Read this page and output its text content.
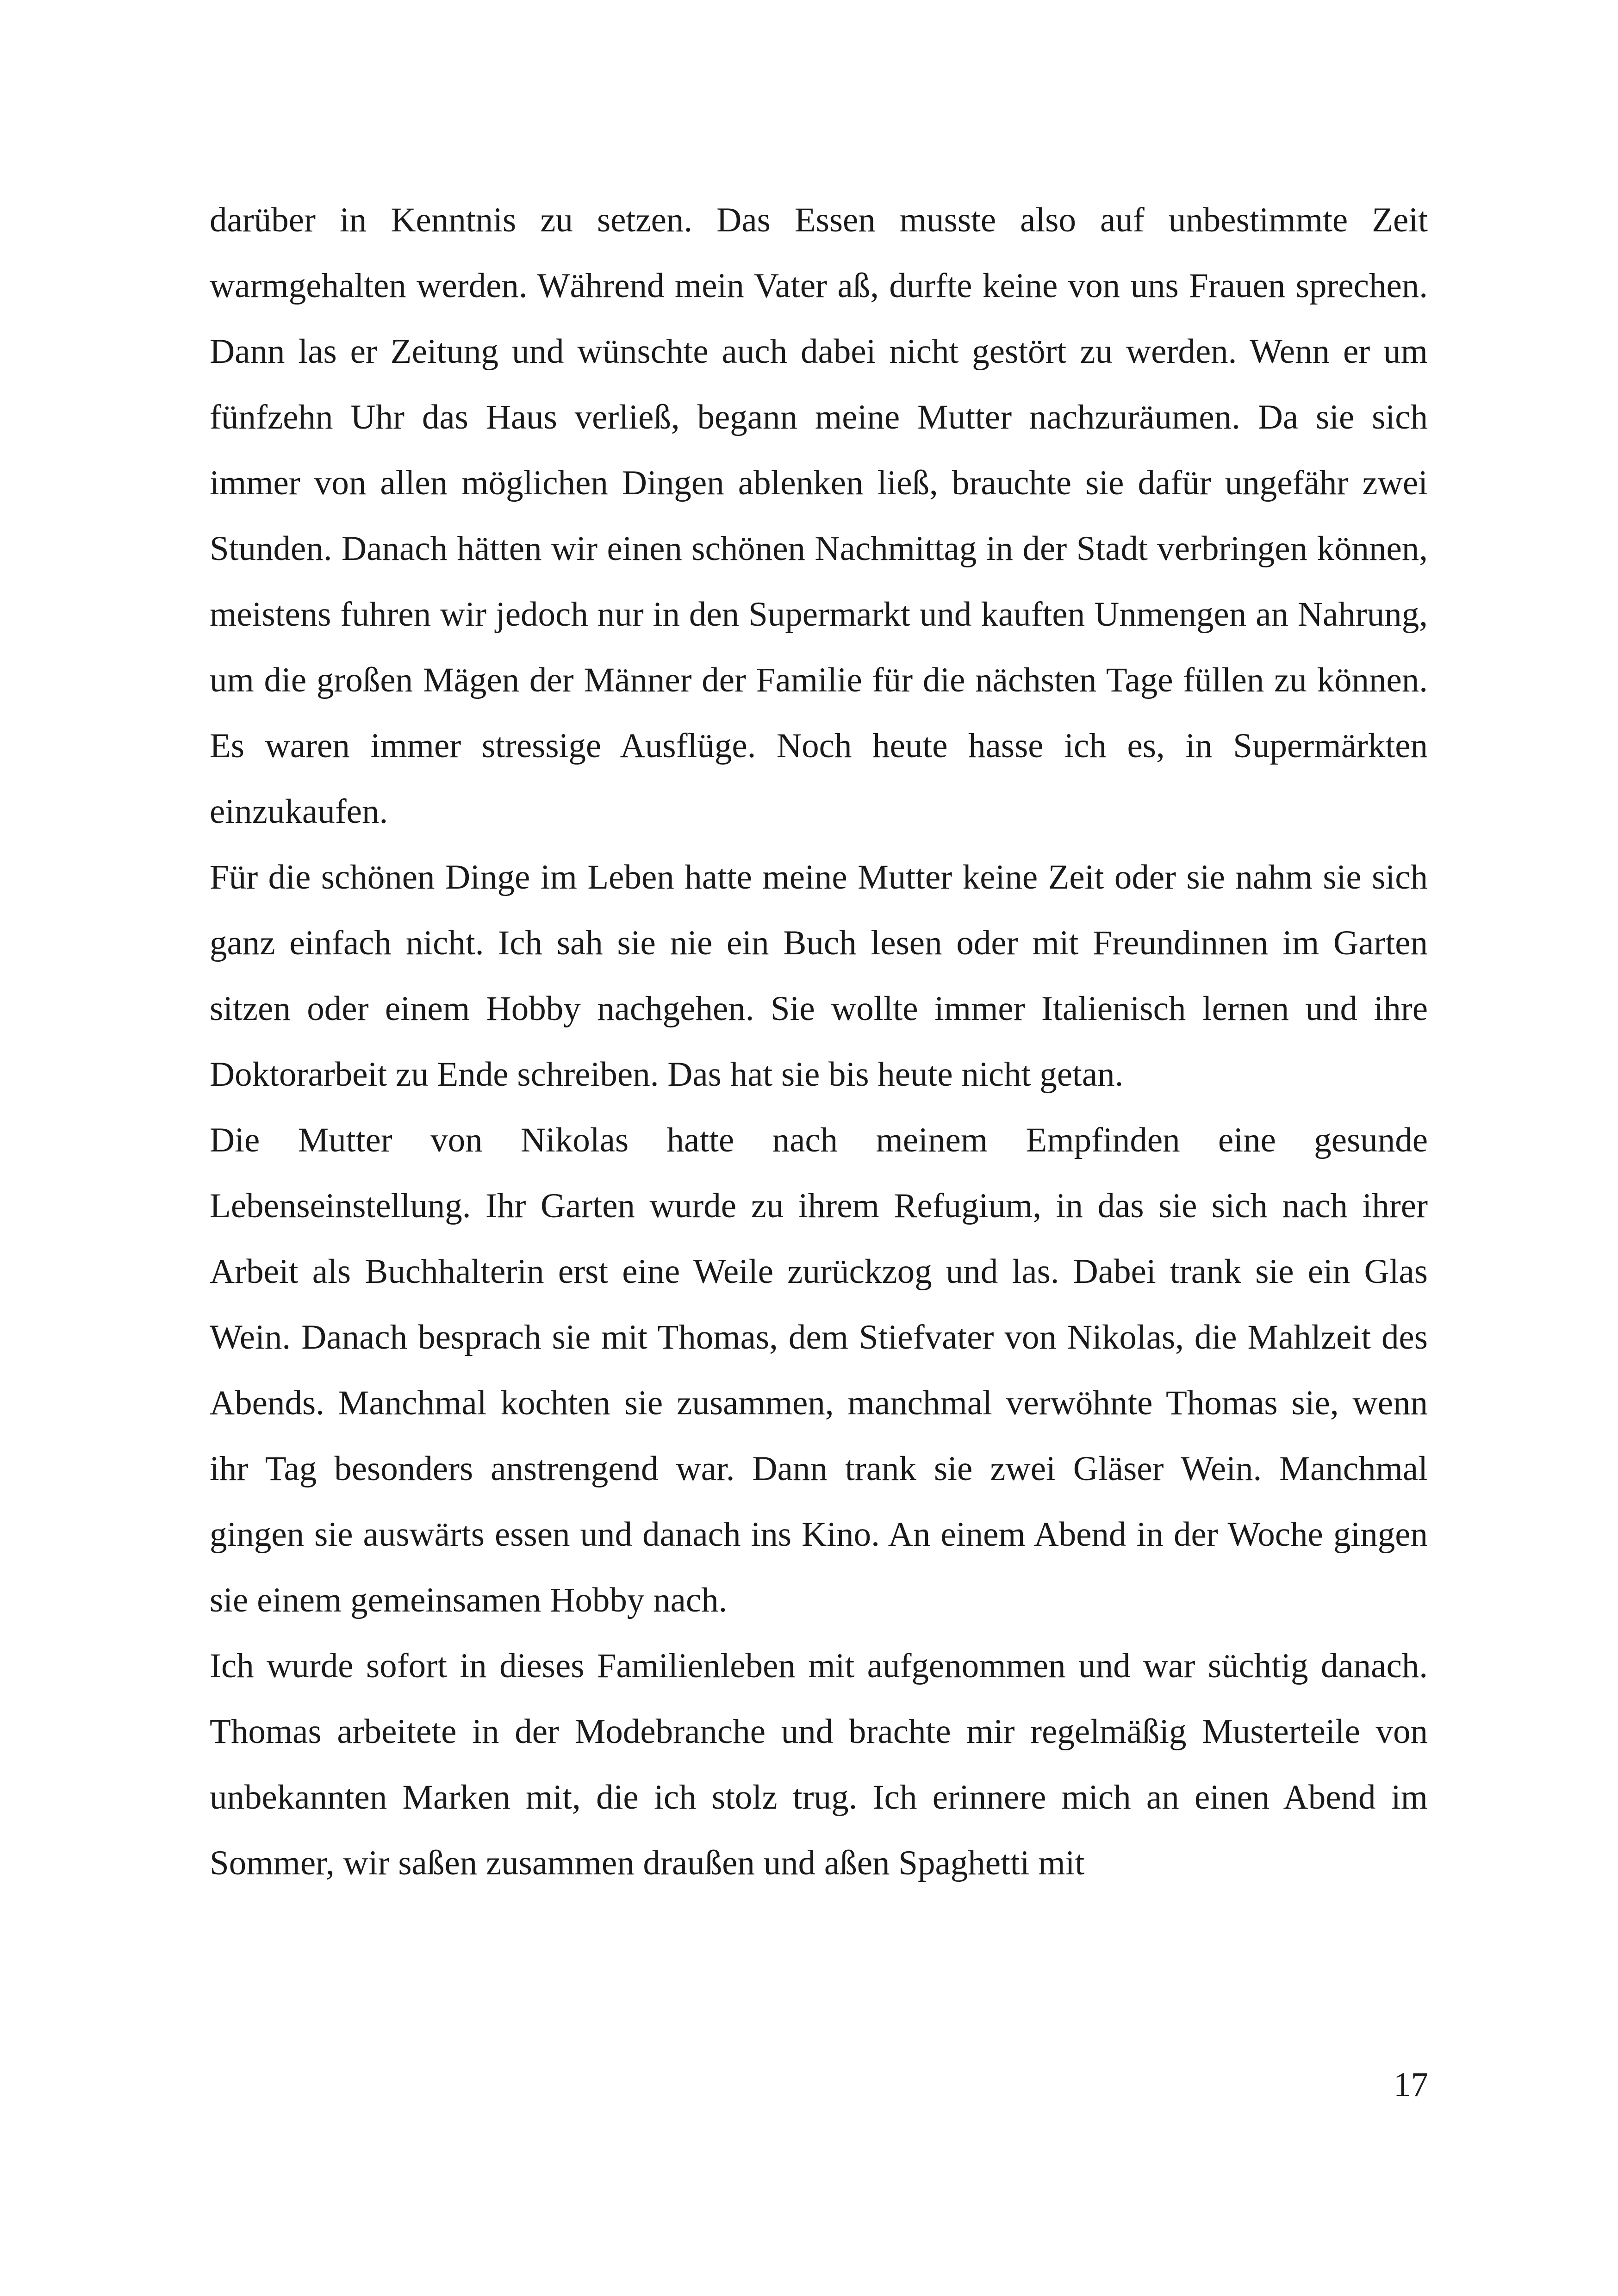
darüber in Kenntnis zu setzen. Das Essen musste also auf unbestimmte Zeit warmgehalten werden. Während mein Vater aß, durfte keine von uns Frauen sprechen. Dann las er Zeitung und wünschte auch dabei nicht gestört zu werden. Wenn er um fünfzehn Uhr das Haus verließ, begann meine Mutter nachzuräumen. Da sie sich immer von allen möglichen Dingen ablenken ließ, brauchte sie dafür ungefähr zwei Stunden. Danach hätten wir einen schönen Nachmittag in der Stadt verbringen können, meistens fuhren wir jedoch nur in den Supermarkt und kauften Unmengen an Nahrung, um die großen Mägen der Männer der Familie für die nächsten Tage füllen zu können. Es waren immer stressige Ausflüge. Noch heute hasse ich es, in Supermärkten einzukaufen.

Für die schönen Dinge im Leben hatte meine Mutter keine Zeit oder sie nahm sie sich ganz einfach nicht. Ich sah sie nie ein Buch lesen oder mit Freundinnen im Garten sitzen oder einem Hobby nachgehen. Sie wollte immer Italienisch lernen und ihre Doktorarbeit zu Ende schreiben. Das hat sie bis heute nicht getan.

Die Mutter von Nikolas hatte nach meinem Empfinden eine gesunde Lebenseinstellung. Ihr Garten wurde zu ihrem Refugium, in das sie sich nach ihrer Arbeit als Buchhalterin erst eine Weile zurückzog und las. Dabei trank sie ein Glas Wein. Danach besprach sie mit Thomas, dem Stiefvater von Nikolas, die Mahlzeit des Abends. Manchmal kochten sie zusammen, manchmal verwöhnte Thomas sie, wenn ihr Tag besonders anstrengend war. Dann trank sie zwei Gläser Wein. Manchmal gingen sie auswärts essen und danach ins Kino. An einem Abend in der Woche gingen sie einem gemeinsamen Hobby nach.

Ich wurde sofort in dieses Familienleben mit aufgenommen und war süchtig danach. Thomas arbeitete in der Modebranche und brachte mir regelmäßig Musterteile von unbekannten Marken mit, die ich stolz trug. Ich erinnere mich an einen Abend im Sommer, wir saßen zusammen draußen und aßen Spaghetti mit

17
